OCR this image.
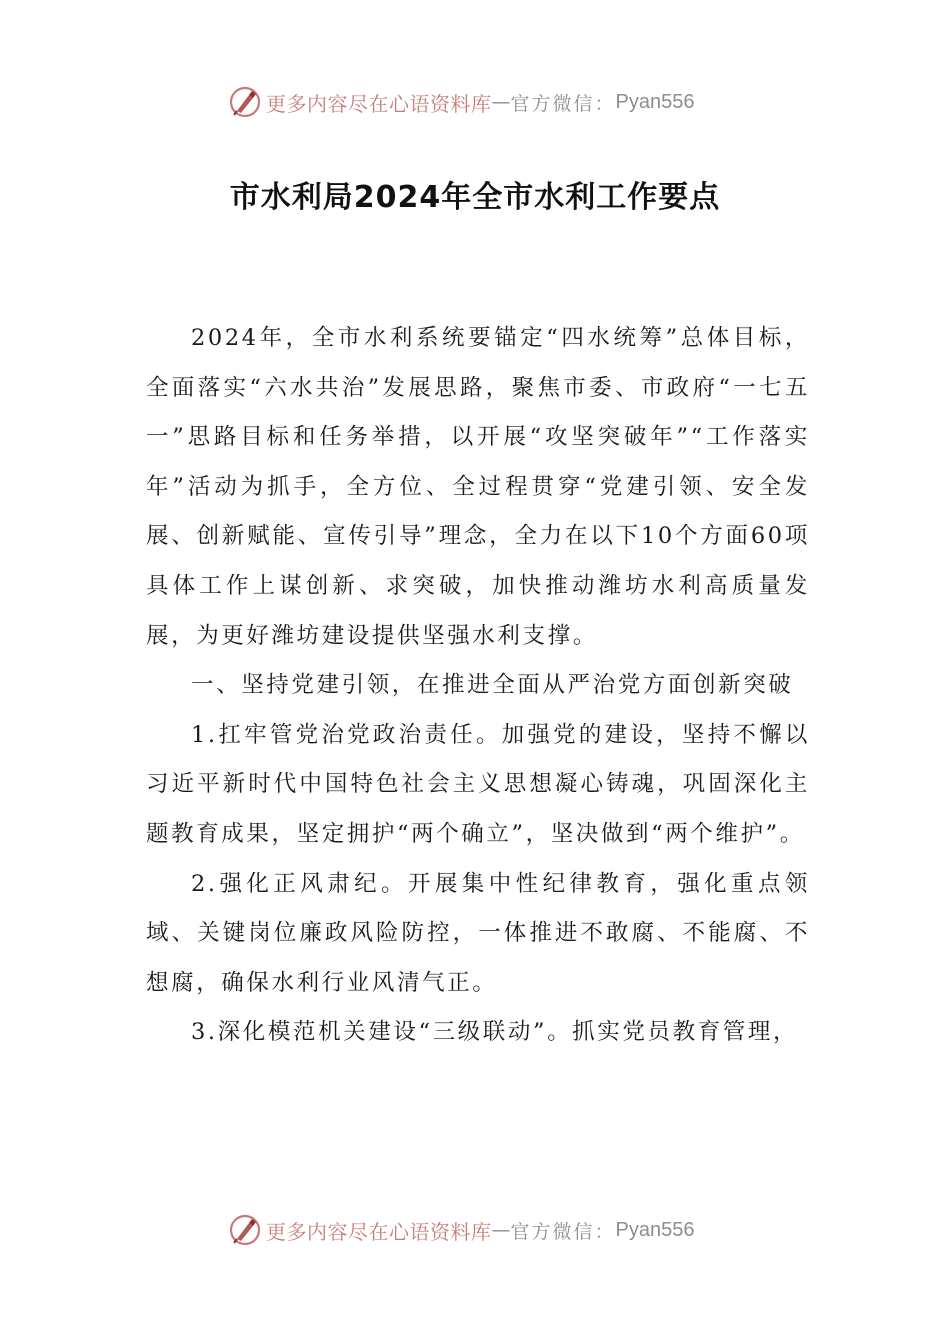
更多内容尽在心语资料库 — 官方微信： Pyan556
市水利局2024年全市水利工作要点

2024年，全市水利系统要锚定“四水统筹”总体目标，全面落实“六水共治”发展思路，聚焦市委、市政府“一七五一”思路目标和任务举措，以开展“攻坚突破年”“工作落实年”活动为抓手，全方位、全过程贯穿“党建引领、安全发展、创新赋能、宣传引导”理念，全力在以下10个方面60项具体工作上谋创新、求突破，加快推动潍坊水利高质量发展，为更好潍坊建设提供坚强水利支撑。

一、坚持党建引领，在推进全面从严治党方面创新突破

1.扛牢管党治党政治责任。加强党的建设，坚持不懈以习近平新时代中国特色社会主义思想凝心铸魂，巩固深化主题教育成果，坚定拥护“两个确立”，坚决做到“两个维护”。

2.强化正风肃纪。开展集中性纪律教育，强化重点领域、关键岗位廉政风险防控，一体推进不敢腐、不能腐、不想腐，确保水利行业风清气正。

3.深化模范机关建设“三级联动”。抓实党员教育管理，

更多内容尽在心语资料库 — 官方微信： Pyan556
